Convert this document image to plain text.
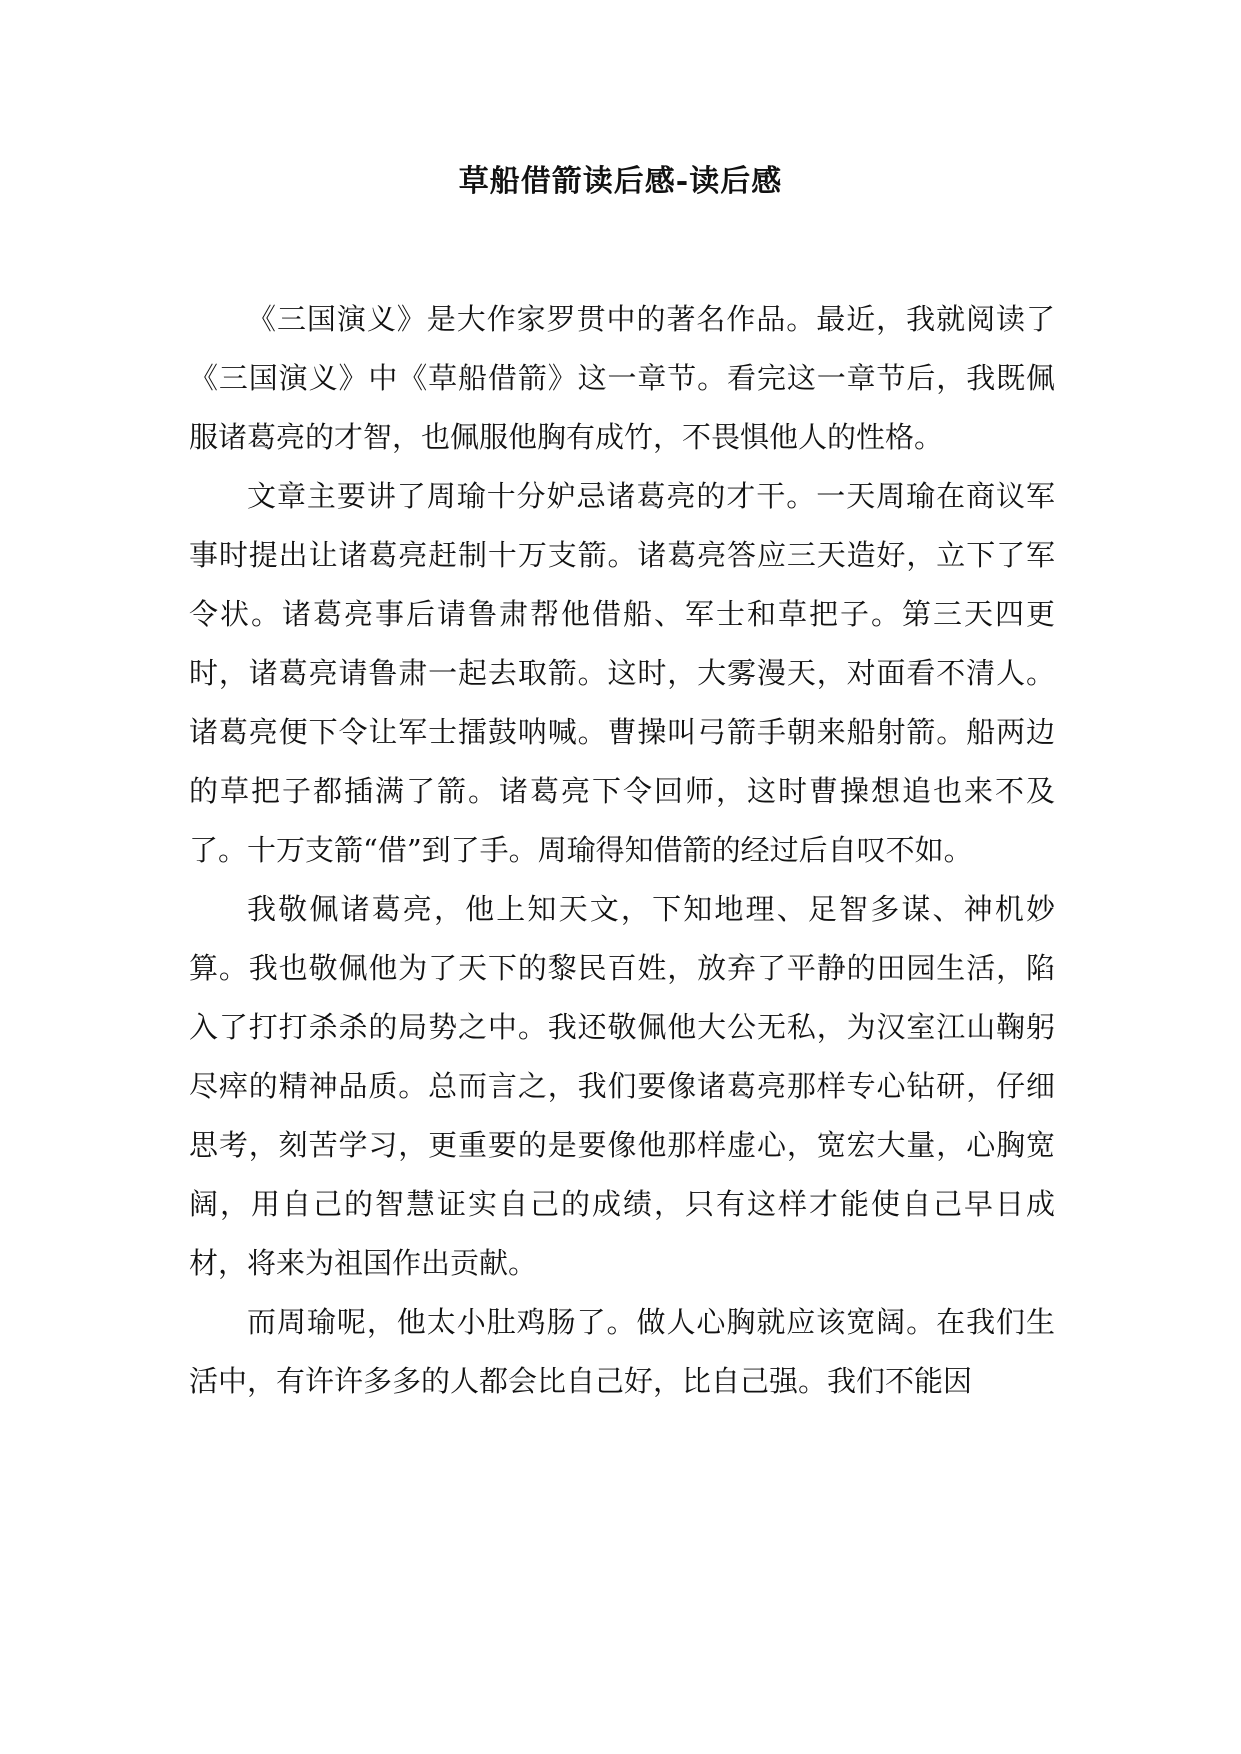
草船借箭读后感-读后感

《三国演义》是大作家罗贯中的著名作品。最近，我就阅读了《三国演义》中《草船借箭》这一章节。看完这一章节后，我既佩服诸葛亮的才智，也佩服他胸有成竹，不畏惧他人的性格。

文章主要讲了周瑜十分妒忌诸葛亮的才干。一天周瑜在商议军事时提出让诸葛亮赶制十万支箭。诸葛亮答应三天造好，立下了军令状。诸葛亮事后请鲁肃帮他借船、军士和草把子。第三天四更时，诸葛亮请鲁肃一起去取箭。这时，大雾漫天，对面看不清人。诸葛亮便下令让军士擂鼓呐喊。曹操叫弓箭手朝来船射箭。船两边的草把子都插满了箭。诸葛亮下令回师，这时曹操想追也来不及了。十万支箭“借”到了手。周瑜得知借箭的经过后自叹不如。

我敬佩诸葛亮，他上知天文，下知地理、足智多谋、神机妙算。我也敬佩他为了天下的黎民百姓，放弃了平静的田园生活，陷入了打打杀杀的局势之中。我还敬佩他大公无私，为汉室江山鞠躬尽瘁的精神品质。总而言之，我们要像诸葛亮那样专心钻研，仔细思考，刻苦学习，更重要的是要像他那样虚心，宽宏大量，心胸宽阔，用自己的智慧证实自己的成绩，只有这样才能使自己早日成材，将来为祖国作出贡献。

而周瑜呢，他太小肚鸡肠了。做人心胸就应该宽阔。在我们生活中，有许许多多的人都会比自己好，比自己强。我们不能因
